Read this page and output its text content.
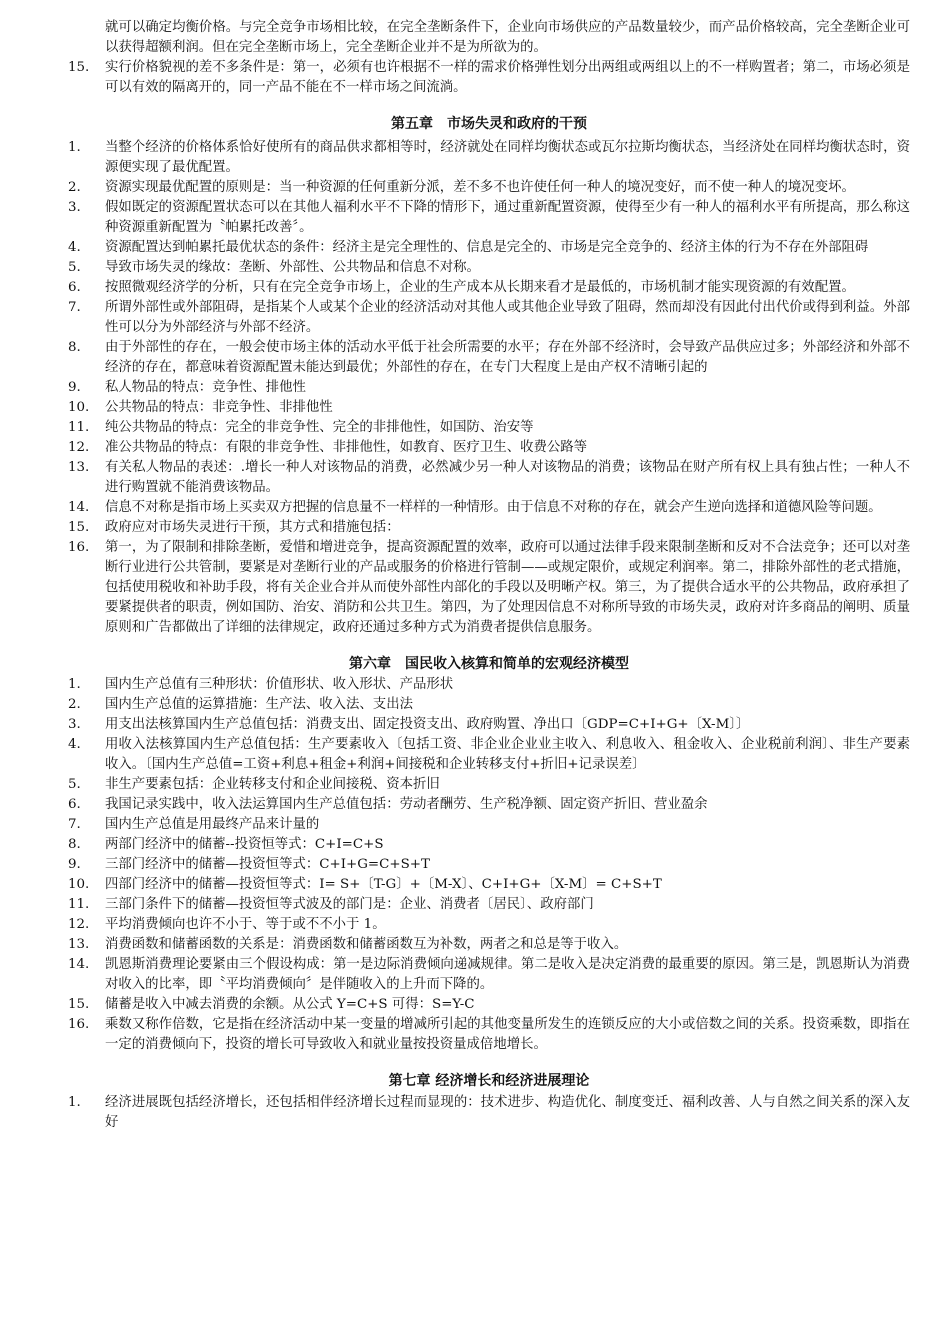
就可以确定均衡价格。与完全竞争市场相比较，在完全垄断条件下，企业向市场供应的产品数量较少，而产品价格较高，完全垄断企业可以获得超额利润。但在完全垄断市场上，完全垄断企业并不是为所欲为的。
15.	实行价格貌视的差不多条件是：第一，必须有也许根据不一样的需求价格弹性划分出两组或两组以上的不一样购置者；第二，市场必须是可以有效的隔离开的，同一产品不能在不一样市场之间流淌。
第五章　市场失灵和政府的干预
1.	当整个经济的价格体系恰好使所有的商品供求都相等时，经济就处在同样均衡状态或瓦尔拉斯均衡状态，当经济处在同样均衡状态时，资源便实现了最优配置。
2.	资源实现最优配置的原则是：当一种资源的任何重新分派，差不多不也许使任何一种人的境况变好，而不使一种人的境况变坏。
3.	假如既定的资源配置状态可以在其他人福利水平不下降的情形下，通过重新配置资源，使得至少有一种人的福利水平有所提高，那么称这种资源重新配置为〝帕累托改善〞。
4.	资源配置达到帕累托最优状态的条件：经济主是完全理性的、信息是完全的、市场是完全竞争的、经济主体的行为不存在外部阻碍
5.	导致市场失灵的缘故：垄断、外部性、公共物品和信息不对称。
6.	按照微观经济学的分析，只有在完全竞争市场上，企业的生产成本从长期来看才是最低的，市场机制才能实现资源的有效配置。
7.	所谓外部性或外部阻碍，是指某个人或某个企业的经济活动对其他人或其他企业导致了阻碍，然而却没有因此付出代价或得到利益。外部性可以分为外部经济与外部不经济。
8.	由于外部性的存在，一般会使市场主体的活动水平低于社会所需要的水平；存在外部不经济时，会导致产品供应过多；外部经济和外部不经济的存在，都意味着资源配置未能达到最优；外部性的存在，在专门大程度上是由产权不清晰引起的
9.	私人物品的特点：竞争性、排他性
10.	公共物品的特点：非竞争性、非排他性
11.	纯公共物品的特点：完全的非竞争性、完全的非排他性，如国防、治安等
12.	准公共物品的特点：有限的非竞争性、非排他性，如教育、医疗卫生、收费公路等
13.	有关私人物品的表述：.增长一种人对该物品的消费，必然减少另一种人对该物品的消费；该物品在财产所有权上具有独占性；一种人不进行购置就不能消费该物品。
14.	信息不对称是指市场上买卖双方把握的信息量不一样样的一种情形。由于信息不对称的存在，就会产生逆向选择和道德风险等问题。
15.	政府应对市场失灵进行干预，其方式和措施包括：
16.	第一，为了限制和排除垄断，爱惜和增进竞争，提高资源配置的效率，政府可以通过法律手段来限制垄断和反对不合法竞争；还可以对垄断行业进行公共管制，要紧是对垄断行业的产品或服务的价格进行管制——或规定限价，或规定利润率。第二，排除外部性的老式措施，包括使用税收和补助手段，将有关企业合并从而使外部性内部化的手段以及明晰产权。第三，为了提供合适水平的公共物品，政府承担了要紧提供者的职责，例如国防、治安、消防和公共卫生。第四，为了处理因信息不对称所导致的市场失灵，政府对许多商品的阐明、质量原则和广告都做出了详细的法律规定，政府还通过多种方式为消费者提供信息服务。
第六章　国民收入核算和简单的宏观经济模型
1.	国内生产总值有三种形状：价值形状、收入形状、产品形状
2.	国内生产总值的运算措施：生产法、收入法、支出法
3.	用支出法核算国内生产总值包括：消费支出、固定投资支出、政府购置、净出口〔GDP=C+I+G+〔X-M〕〕
4.	用收入法核算国内生产总值包括：生产要素收入〔包括工资、非企业企业业主收入、利息收入、租金收入、企业税前利润〕、非生产要素收入。〔国内生产总值=工资+利息+租金+利润+间接税和企业转移支付+折旧+记录误差〕
5.	非生产要素包括：企业转移支付和企业间接税、资本折旧
6.	我国记录实践中，收入法运算国内生产总值包括：劳动者酬劳、生产税净额、固定资产折旧、营业盈余
7.	国内生产总值是用最终产品来计量的
8.	两部门经济中的储蓄--投资恒等式：C+I=C+S
9.	三部门经济中的储蓄—投资恒等式：C+I+G=C+S+T
10.	四部门经济中的储蓄—投资恒等式：I= S+〔T-G〕+〔M-X〕、C+I+G+〔X-M〕= C+S+T
11.	三部门条件下的储蓄—投资恒等式波及的部门是：企业、消费者〔居民〕、政府部门
12.	平均消费倾向也许不小于、等于或不不小于 1。
13.	消费函数和储蓄函数的关系是：消费函数和储蓄函数互为补数，两者之和总是等于收入。
14.	凯恩斯消费理论要紧由三个假设构成：第一是边际消费倾向递减规律。第二是收入是决定消费的最重要的原因。第三是，凯恩斯认为消费对收入的比率，即〝平均消费倾向〞是伴随收入的上升而下降的。
15.	储蓄是收入中减去消费的余额。从公式 Y=C+S 可得：S=Y-C
16.	乘数又称作倍数，它是指在经济活动中某一变量的增减所引起的其他变量所发生的连锁反应的大小或倍数之间的关系。投资乘数，即指在一定的消费倾向下，投资的增长可导致收入和就业量按投资量成倍地增长。
第七章 经济增长和经济进展理论
1.	经济进展既包括经济增长，还包括相伴经济增长过程而显现的：技术进步、构造优化、制度变迁、福利改善、人与自然之间关系的深入友好
